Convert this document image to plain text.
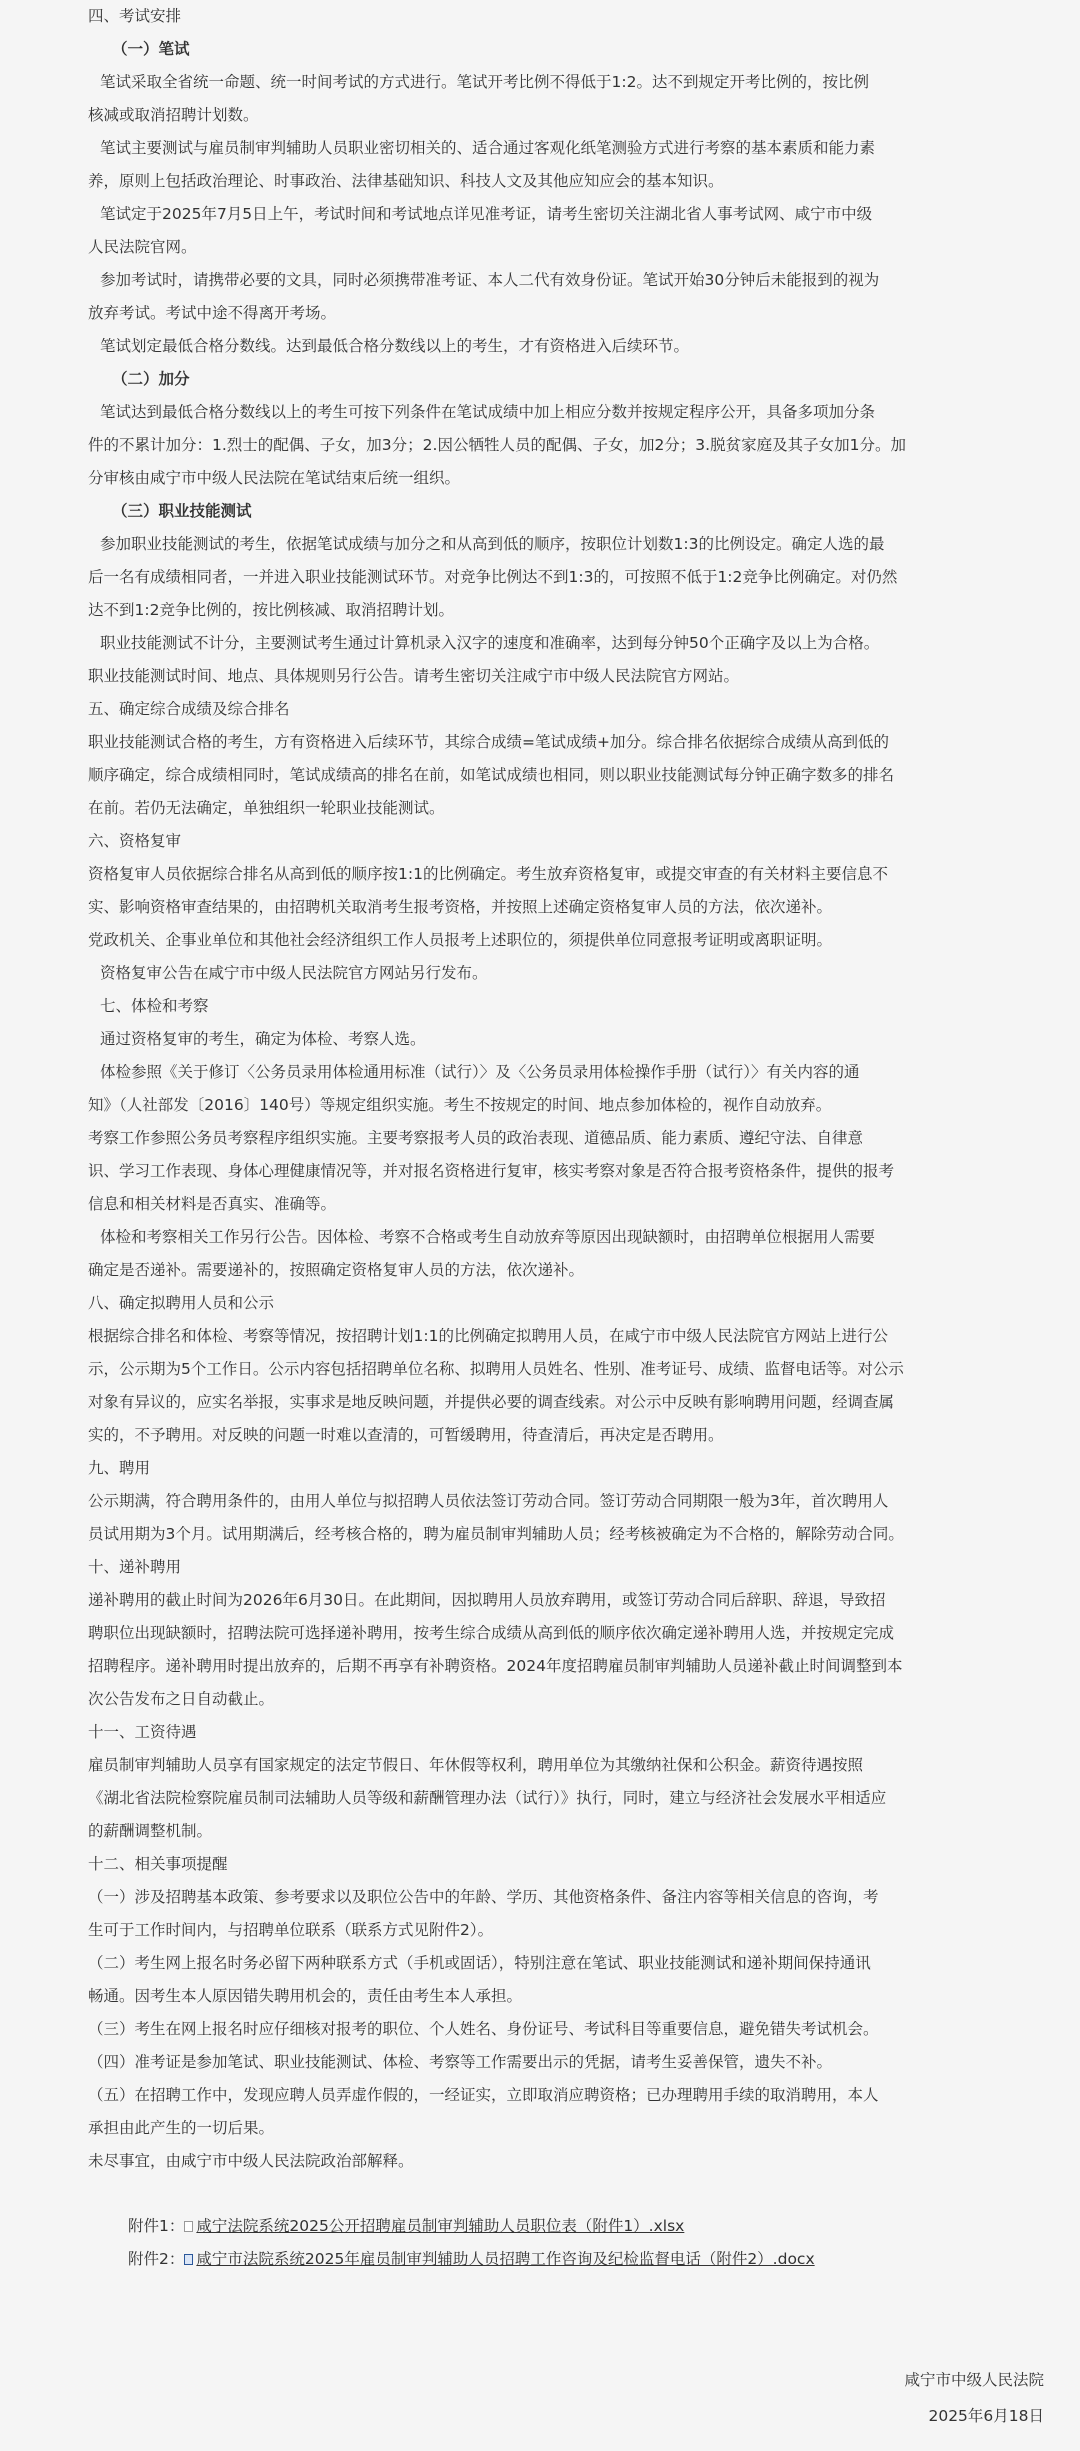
四、考试安排
（一）笔试
笔试采取全省统一命题、统一时间考试的方式进行。笔试开考比例不得低于1:2。达不到规定开考比例的，按比例
核减或取消招聘计划数。
笔试主要测试与雇员制审判辅助人员职业密切相关的、适合通过客观化纸笔测验方式进行考察的基本素质和能力素
养，原则上包括政治理论、时事政治、法律基础知识、科技人文及其他应知应会的基本知识。
笔试定于2025年7月5日上午，考试时间和考试地点详见准考证，请考生密切关注湖北省人事考试网、咸宁市中级
人民法院官网。
参加考试时，请携带必要的文具，同时必须携带准考证、本人二代有效身份证。笔试开始30分钟后未能报到的视为
放弃考试。考试中途不得离开考场。
笔试划定最低合格分数线。达到最低合格分数线以上的考生，才有资格进入后续环节。
（二）加分
笔试达到最低合格分数线以上的考生可按下列条件在笔试成绩中加上相应分数并按规定程序公开，具备多项加分条
件的不累计加分：1.烈士的配偶、子女，加3分；2.因公牺牲人员的配偶、子女，加2分；3.脱贫家庭及其子女加1分。加
分审核由咸宁市中级人民法院在笔试结束后统一组织。
（三）职业技能测试
参加职业技能测试的考生，依据笔试成绩与加分之和从高到低的顺序，按职位计划数1:3的比例设定。确定人选的最
后一名有成绩相同者，一并进入职业技能测试环节。对竞争比例达不到1:3的，可按照不低于1:2竞争比例确定。对仍然
达不到1:2竞争比例的，按比例核减、取消招聘计划。
职业技能测试不计分，主要测试考生通过计算机录入汉字的速度和准确率，达到每分钟50个正确字及以上为合格。
职业技能测试时间、地点、具体规则另行公告。请考生密切关注咸宁市中级人民法院官方网站。
五、确定综合成绩及综合排名
职业技能测试合格的考生，方有资格进入后续环节，其综合成绩=笔试成绩+加分。综合排名依据综合成绩从高到低的
顺序确定，综合成绩相同时，笔试成绩高的排名在前，如笔试成绩也相同，则以职业技能测试每分钟正确字数多的排名
在前。若仍无法确定，单独组织一轮职业技能测试。
六、资格复审
资格复审人员依据综合排名从高到低的顺序按1:1的比例确定。考生放弃资格复审，或提交审查的有关材料主要信息不
实、影响资格审查结果的，由招聘机关取消考生报考资格，并按照上述确定资格复审人员的方法，依次递补。
党政机关、企事业单位和其他社会经济组织工作人员报考上述职位的，须提供单位同意报考证明或离职证明。
资格复审公告在咸宁市中级人民法院官方网站另行发布。
七、体检和考察
通过资格复审的考生，确定为体检、考察人选。
体检参照《关于修订〈公务员录用体检通用标准（试行）〉及〈公务员录用体检操作手册（试行）〉有关内容的通
知》（人社部发〔2016〕140号）等规定组织实施。考生不按规定的时间、地点参加体检的，视作自动放弃。
考察工作参照公务员考察程序组织实施。主要考察报考人员的政治表现、道德品质、能力素质、遵纪守法、自律意
识、学习工作表现、身体心理健康情况等，并对报名资格进行复审，核实考察对象是否符合报考资格条件，提供的报考
信息和相关材料是否真实、准确等。
体检和考察相关工作另行公告。因体检、考察不合格或考生自动放弃等原因出现缺额时，由招聘单位根据用人需要
确定是否递补。需要递补的，按照确定资格复审人员的方法，依次递补。
八、确定拟聘用人员和公示
根据综合排名和体检、考察等情况，按招聘计划1:1的比例确定拟聘用人员，在咸宁市中级人民法院官方网站上进行公
示，公示期为5个工作日。公示内容包括招聘单位名称、拟聘用人员姓名、性别、准考证号、成绩、监督电话等。对公示
对象有异议的，应实名举报，实事求是地反映问题，并提供必要的调查线索。对公示中反映有影响聘用问题，经调查属
实的，不予聘用。对反映的问题一时难以查清的，可暂缓聘用，待查清后，再决定是否聘用。
九、聘用
公示期满，符合聘用条件的，由用人单位与拟招聘人员依法签订劳动合同。签订劳动合同期限一般为3年，首次聘用人
员试用期为3个月。试用期满后，经考核合格的，聘为雇员制审判辅助人员；经考核被确定为不合格的，解除劳动合同。
十、递补聘用
递补聘用的截止时间为2026年6月30日。在此期间，因拟聘用人员放弃聘用，或签订劳动合同后辞职、辞退，导致招
聘职位出现缺额时，招聘法院可选择递补聘用，按考生综合成绩从高到低的顺序依次确定递补聘用人选，并按规定完成
招聘程序。递补聘用时提出放弃的，后期不再享有补聘资格。2024年度招聘雇员制审判辅助人员递补截止时间调整到本
次公告发布之日自动截止。
十一、工资待遇
雇员制审判辅助人员享有国家规定的法定节假日、年休假等权利，聘用单位为其缴纳社保和公积金。薪资待遇按照
《湖北省法院检察院雇员制司法辅助人员等级和薪酬管理办法（试行）》执行，同时，建立与经济社会发展水平相适应
的薪酬调整机制。
十二、相关事项提醒
（一）涉及招聘基本政策、参考要求以及职位公告中的年龄、学历、其他资格条件、备注内容等相关信息的咨询，考
生可于工作时间内，与招聘单位联系（联系方式见附件2）。
（二）考生网上报名时务必留下两种联系方式（手机或固话），特别注意在笔试、职业技能测试和递补期间保持通讯
畅通。因考生本人原因错失聘用机会的，责任由考生本人承担。
（三）考生在网上报名时应仔细核对报考的职位、个人姓名、身份证号、考试科目等重要信息，避免错失考试机会。
（四）准考证是参加笔试、职业技能测试、体检、考察等工作需要出示的凭据，请考生妥善保管，遗失不补。
（五）在招聘工作中，发现应聘人员弄虚作假的，一经证实，立即取消应聘资格；已办理聘用手续的取消聘用，本人
承担由此产生的一切后果。
未尽事宜，由咸宁市中级人民法院政治部解释。
附件1： 咸宁法院系统2025公开招聘雇员制审判辅助人员职位表（附件1）.xlsx
附件2： 咸宁市法院系统2025年雇员制审判辅助人员招聘工作咨询及纪检监督电话（附件2）.docx
咸宁市中级人民法院
2025年6月18日
